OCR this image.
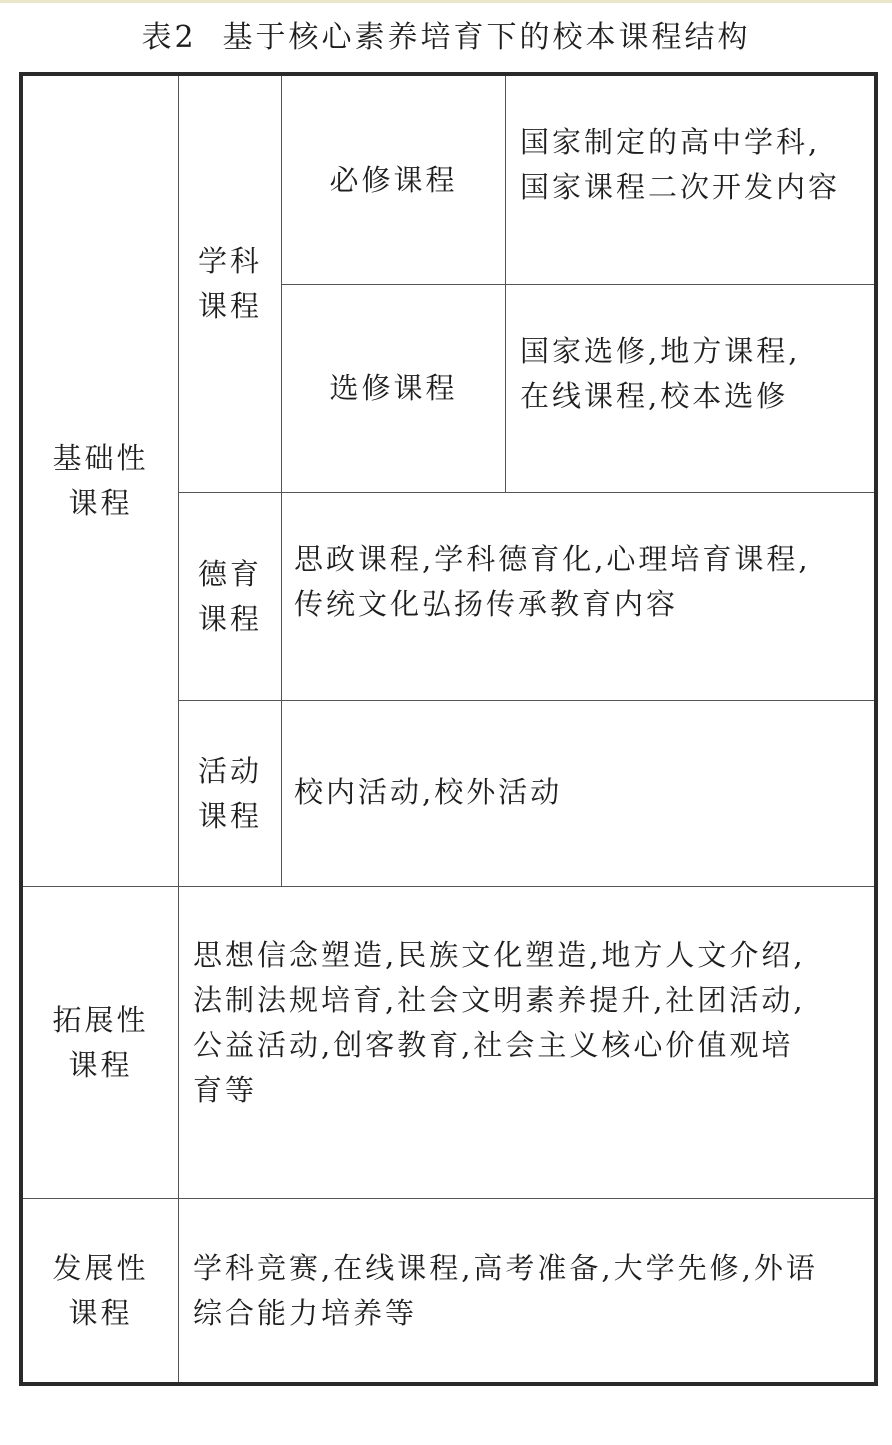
表2 基于核心素养培育下的校本课程结构
基础性
课程
拓展性
课程
发展性
课程
学科
课程
德育
课程
活动
课程
必修课程
选修课程
国家制定的高中学科,
国家课程二次开发内容
国家选修,地方课程,
在线课程,校本选修
思政课程,学科德育化,心理培育课程,
传统文化弘扬传承教育内容
校内活动,校外活动
思想信念塑造,民族文化塑造,地方人文介绍,
法制法规培育,社会文明素养提升,社团活动,
公益活动,创客教育,社会主义核心价值观培
育等
学科竞赛,在线课程,高考准备,大学先修,外语
综合能力培养等
